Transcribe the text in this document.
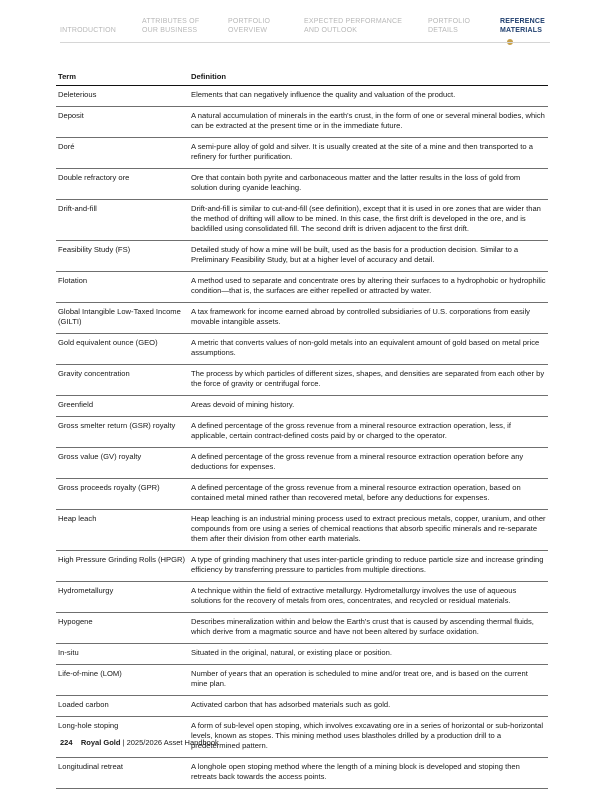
INTRODUCTION
ATTRIBUTES OF
OUR BUSINESS
PORTFOLIO
OVERVIEW
EXPECTED PERFORMANCE
AND OUTLOOK
PORTFOLIO
DETAILS
REFERENCE
MATERIALS
Term	Definition
Deleterious	Elements that can negatively influence the quality and valuation of the product.
Deposit	A natural accumulation of minerals in the earth's crust, in the form of one or several mineral bodies, which can be extracted at the present time or in the immediate future.
Doré	A semi-pure alloy of gold and silver. It is usually created at the site of a mine and then transported to a refinery for further purification.
Double refractory ore	Ore that contain both pyrite and carbonaceous matter and the latter results in the loss of gold from solution during cyanide leaching.
Drift-and-fill	Drift-and-fill is similar to cut-and-fill (see definition), except that it is used in ore zones that are wider than the method of drifting will allow to be mined. In this case, the first drift is developed in the ore, and is backfilled using consolidated fill. The second drift is driven adjacent to the first drift.
Feasibility Study (FS)	Detailed study of how a mine will be built, used as the basis for a production decision. Similar to a Preliminary Feasibility Study, but at a higher level of accuracy and detail.
Flotation	A method used to separate and concentrate ores by altering their surfaces to a hydrophobic or hydrophilic condition—that is, the surfaces are either repelled or attracted by water.
Global Intangible Low-Taxed Income (GILTI)	A tax framework for income earned abroad by controlled subsidiaries of U.S. corporations from easily movable intangible assets.
Gold equivalent ounce (GEO)	A metric that converts values of non-gold metals into an equivalent amount of gold based on metal price assumptions.
Gravity concentration	The process by which particles of different sizes, shapes, and densities are separated from each other by the force of gravity or centrifugal force.
Greenfield	Areas devoid of mining history.
Gross smelter return (GSR) royalty	A defined percentage of the gross revenue from a mineral resource extraction operation, less, if applicable, certain contract-defined costs paid by or charged to the operator.
Gross value (GV) royalty	A defined percentage of the gross revenue from a mineral resource extraction operation before any deductions for expenses.
Gross proceeds royalty (GPR)	A defined percentage of the gross revenue from a mineral resource extraction operation, based on contained metal mined rather than recovered metal, before any deductions for expenses.
Heap leach	Heap leaching is an industrial mining process used to extract precious metals, copper, uranium, and other compounds from ore using a series of chemical reactions that absorb specific minerals and re-separate them after their division from other earth materials.
High Pressure Grinding Rolls (HPGR)	A type of grinding machinery that uses inter-particle grinding to reduce particle size and increase grinding efficiency by transferring pressure to particles from multiple directions.
Hydrometallurgy	A technique within the field of extractive metallurgy. Hydrometallurgy involves the use of aqueous solutions for the recovery of metals from ores, concentrates, and recycled or residual materials.
Hypogene	Describes mineralization within and below the Earth's crust that is caused by ascending thermal fluids, which derive from a magmatic source and have not been altered by surface oxidation.
In-situ	Situated in the original, natural, or existing place or position.
Life-of-mine (LOM)	Number of years that an operation is scheduled to mine and/or treat ore, and is based on the current mine plan.
Loaded carbon	Activated carbon that has adsorbed materials such as gold.
Long-hole stoping	A form of sub-level open stoping, which involves excavating ore in a series of horizontal or sub-horizontal levels, known as stopes. This mining method uses blastholes drilled by a production drill to a predetermined pattern.
Longitudinal retreat	A longhole open stoping method where the length of a mining block is developed and stoping then retreats back towards the access points.
224 Royal Gold | 2025/2026 Asset Handbook
